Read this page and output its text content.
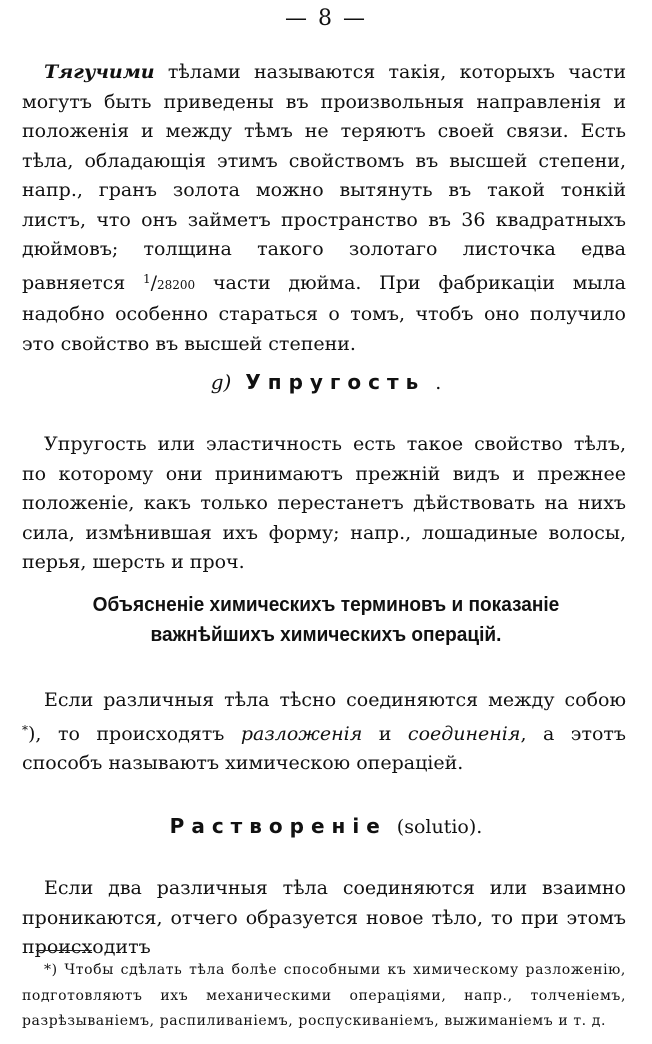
— 8 —

Тягучими тѣлами называются такія, которыхъ части могутъ быть приведены въ произвольныя направленія и положенія и между тѣмъ не теряютъ своей связи. Есть тѣла, обладающія этимъ свойствомъ въ высшей степени, напр., гранъ золота можно вытянуть въ такой тонкій листъ, что онъ займетъ пространство въ 36 квадратныхъ дюймовъ; толщина такого золотаго листочка едва равняется $^1$/28200 части дюйма. При фабрикаціи мыла надобно особенно стараться о томъ, чтобъ оно получило это свойство въ высшей степени.

g) Упругость .

Упругость или эластичность есть такое свойство тѣлъ, по которому они принимаютъ прежній видъ и прежнее положеніе, какъ только перестанетъ дѣйствовать на нихъ сила, измѣнившая ихъ форму; напр., лошадиные волосы, перья, шерсть и проч.

Объясненіе химическихъ терминовъ и показаніе
важнѣйшихъ химическихъ операцій.

Если различныя тѣла тѣсно соединяются между собою *), то происходятъ разложенія и соединенія, а этотъ способъ называютъ химическою операціей.

Раствореніе (solutio).

Если два различныя тѣла соединяются или взаимно проникаются, отчего образуется новое тѣло, то при этомъ происходитъ

*) Чтобы сдѣлать тѣла болѣе способными къ химическому разложенію, подготовляютъ ихъ механическими операціями, напр., толченіемъ, разрѣзываніемъ, распиливаніемъ, роспускиваніемъ, выжиманіемъ и т. д.
